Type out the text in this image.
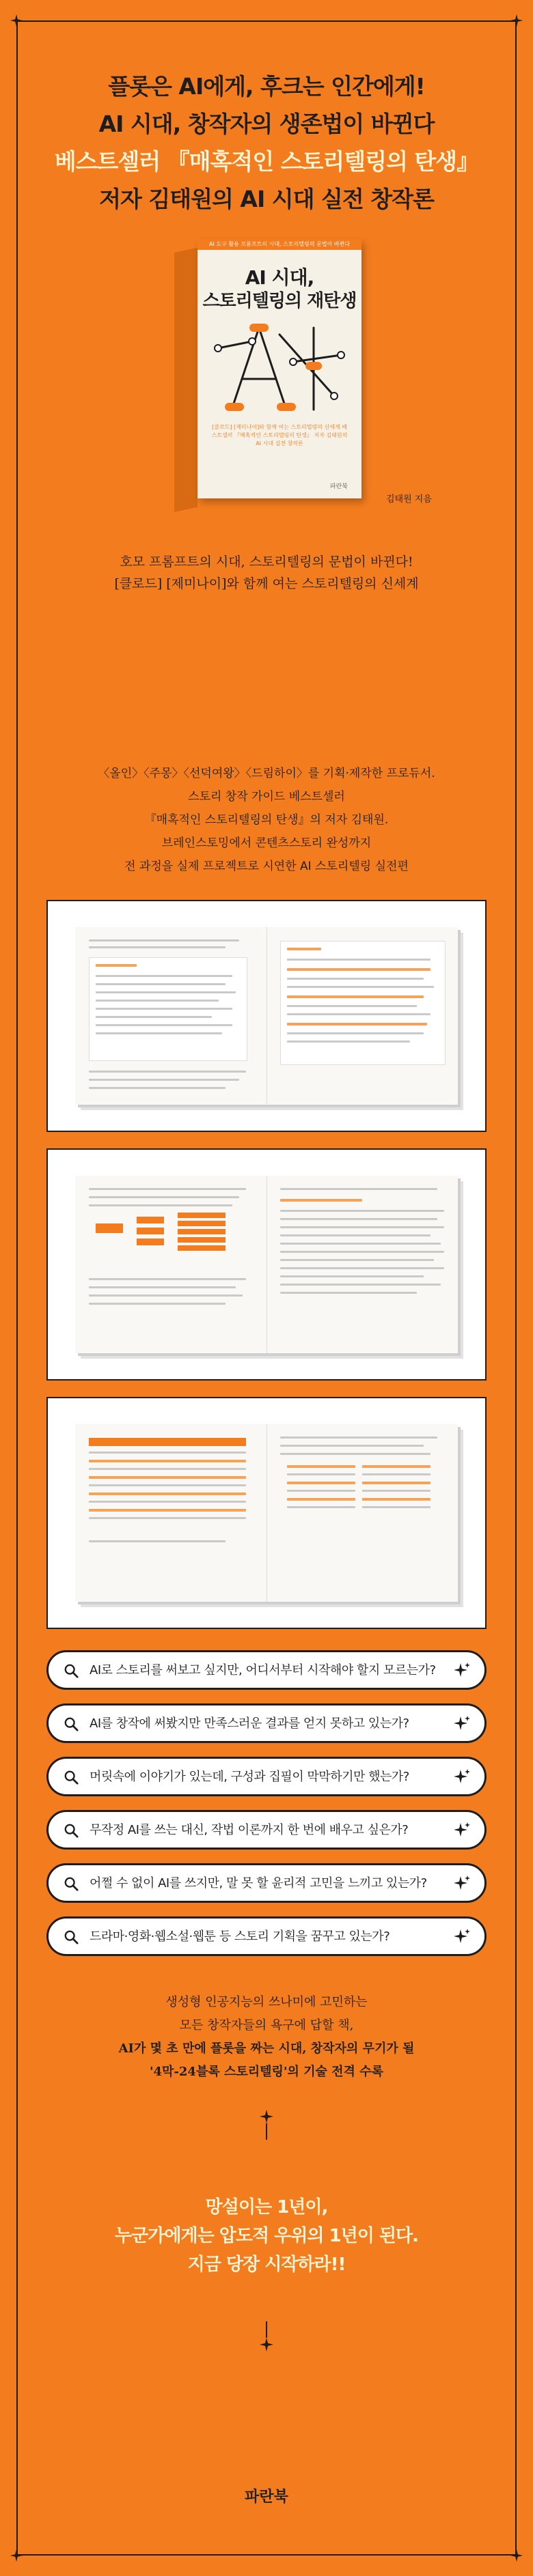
플롯은 AI에게, 후크는 인간에게!
AI 시대, 창작자의 생존법이 바뀐다
베스트셀러 『매혹적인 스토리텔링의 탄생』
저자 김태원의 AI 시대 실전 창작론
AI 도구 활용 프롬프트의 시대, 스토리텔링의 문법이 바뀐다
AI 시대,
스토리텔링의 재탄생
[클로드] [제미나이]와 함께 여는 스토리텔링의 신세계 베스트셀러 『매혹적인 스토리텔링의 탄생』 저자 김태원의 AI 시대 실전 창작론
파란북
김태원 지음
호모 프롬프트의 시대, 스토리텔링의 문법이 바뀐다!
[클로드] [제미나이]와 함께 여는 스토리텔링의 신세계
〈올인〉〈주몽〉〈선덕여왕〉〈드림하이〉를 기획·제작한 프로듀서.
스토리 창작 가이드 베스트셀러
『매혹적인 스토리텔링의 탄생』의 저자 김태원.
브레인스토밍에서 콘텐츠스토리 완성까지
전 과정을 실제 프로젝트로 시연한 AI 스토리텔링 실전편
AI로 스토리를 써보고 싶지만, 어디서부터 시작해야 할지 모르는가?
AI를 창작에 써봤지만 만족스러운 결과를 얻지 못하고 있는가?
머릿속에 이야기가 있는데, 구성과 집필이 막막하기만 했는가?
무작정 AI를 쓰는 대신, 작법 이론까지 한 번에 배우고 싶은가?
어쩔 수 없이 AI를 쓰지만, 말 못 할 윤리적 고민을 느끼고 있는가?
드라마·영화·웹소설·웹툰 등 스토리 기획을 꿈꾸고 있는가?
생성형 인공지능의 쓰나미에 고민하는
모든 창작자들의 욕구에 답할 책,
AI가 몇 초 만에 플롯을 짜는 시대, 창작자의 무기가 될
'4막-24블록 스토리텔링'의 기술 전격 수록
망설이는 1년이,
누군가에게는 압도적 우위의 1년이 된다.
지금 당장 시작하라!!
파란북
